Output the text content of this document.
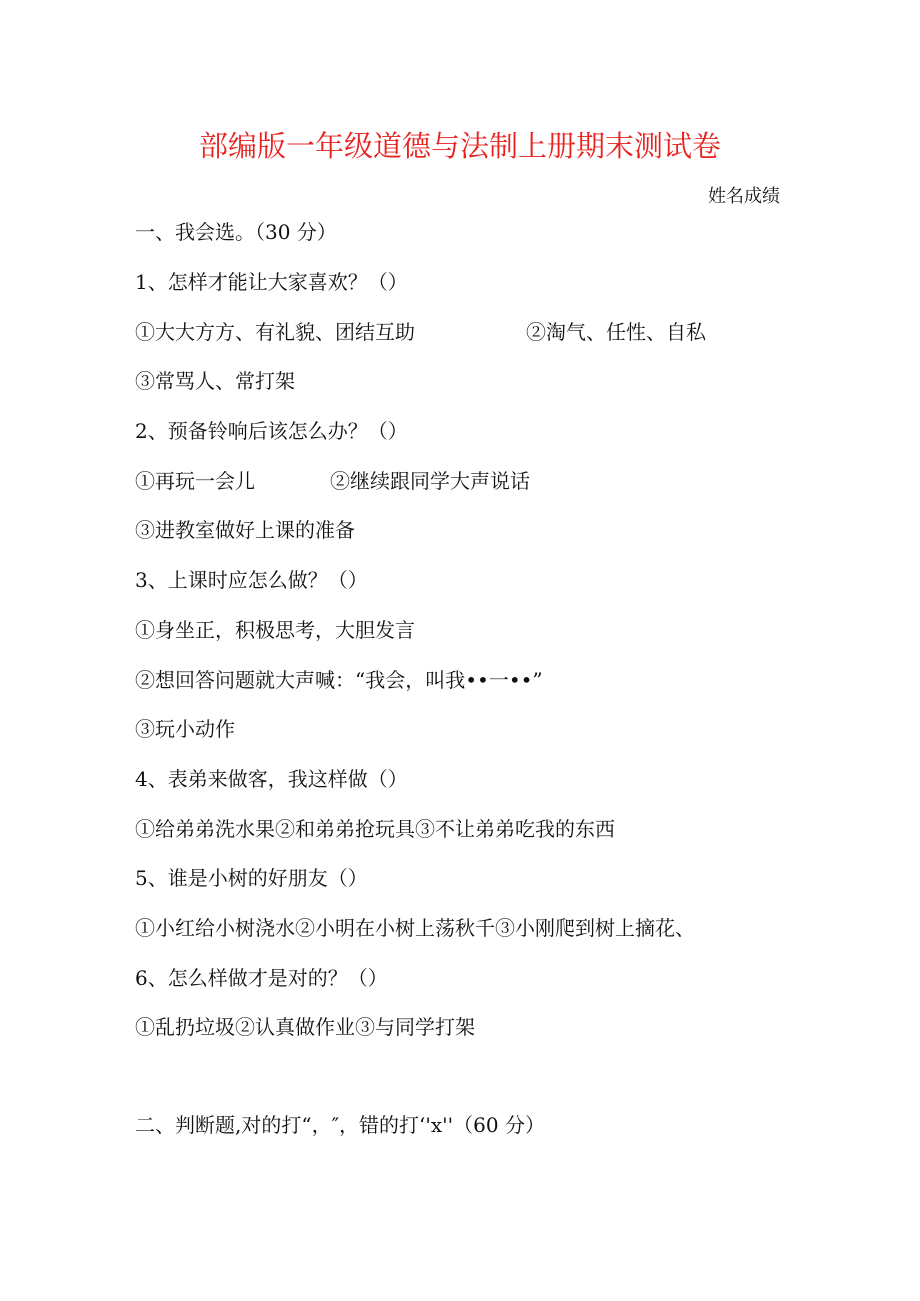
部编版一年级道德与法制上册期末测试卷
姓名成绩
一、我会选。（30 分）
1、怎样才能让大家喜欢？（）
①大大方方、有礼貌、团结互助	②淘气、任性、自私
③常骂人、常打架
2、预备铃响后该怎么办？（）
①再玩一会儿	②继续跟同学大声说话
③进教室做好上课的准备
3、上课时应怎么做？（）
①身坐正，积极思考，大胆发言
②想回答问题就大声喊：“我会，叫我••一••”
③玩小动作
4、表弟来做客，我这样做（）
①给弟弟洗水果②和弟弟抢玩具③不让弟弟吃我的东西
5、谁是小树的好朋友（）
①小红给小树浇水②小明在小树上荡秋千③小刚爬到树上摘花、
6、怎么样做才是对的？（）
①乱扔垃圾②认真做作业③与同学打架
二、判断题,对的打“，″，错的打‘'x''（60 分）
